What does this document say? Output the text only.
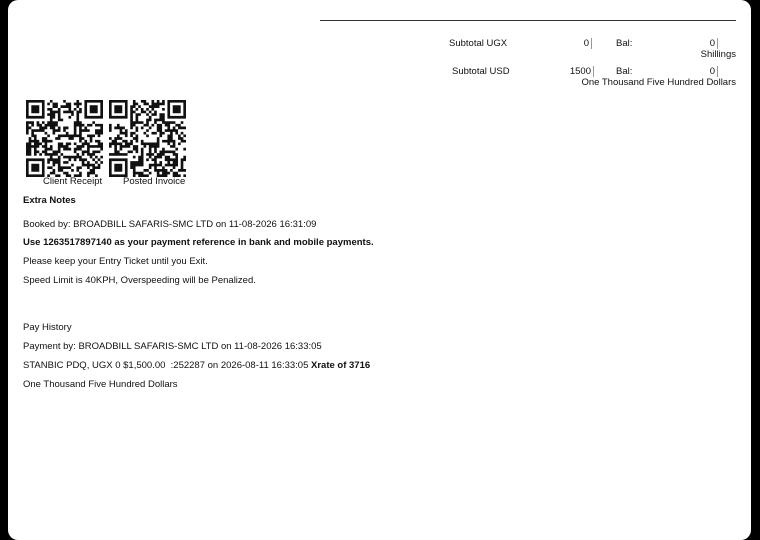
Subtotal UGX	0	Bal:	0
Shillings
Subtotal USD	1500	Bal:	0
One Thousand Five Hundred Dollars
Client Receipt Posted Invoice
Extra Notes
Booked by: BROADBILL SAFARIS-SMC LTD on 11-08-2026 16:31:09
Use 1263517897140 as your payment reference in bank and mobile payments.
Please keep your Entry Ticket until you Exit.
Speed Limit is 40KPH, Overspeeding will be Penalized.
Pay History
Payment by: BROADBILL SAFARIS-SMC LTD on 11-08-2026 16:33:05
STANBIC PDQ, UGX 0 $1,500.00  :252287 on 2026-08-11 16:33:05 Xrate of 3716
One Thousand Five Hundred Dollars
